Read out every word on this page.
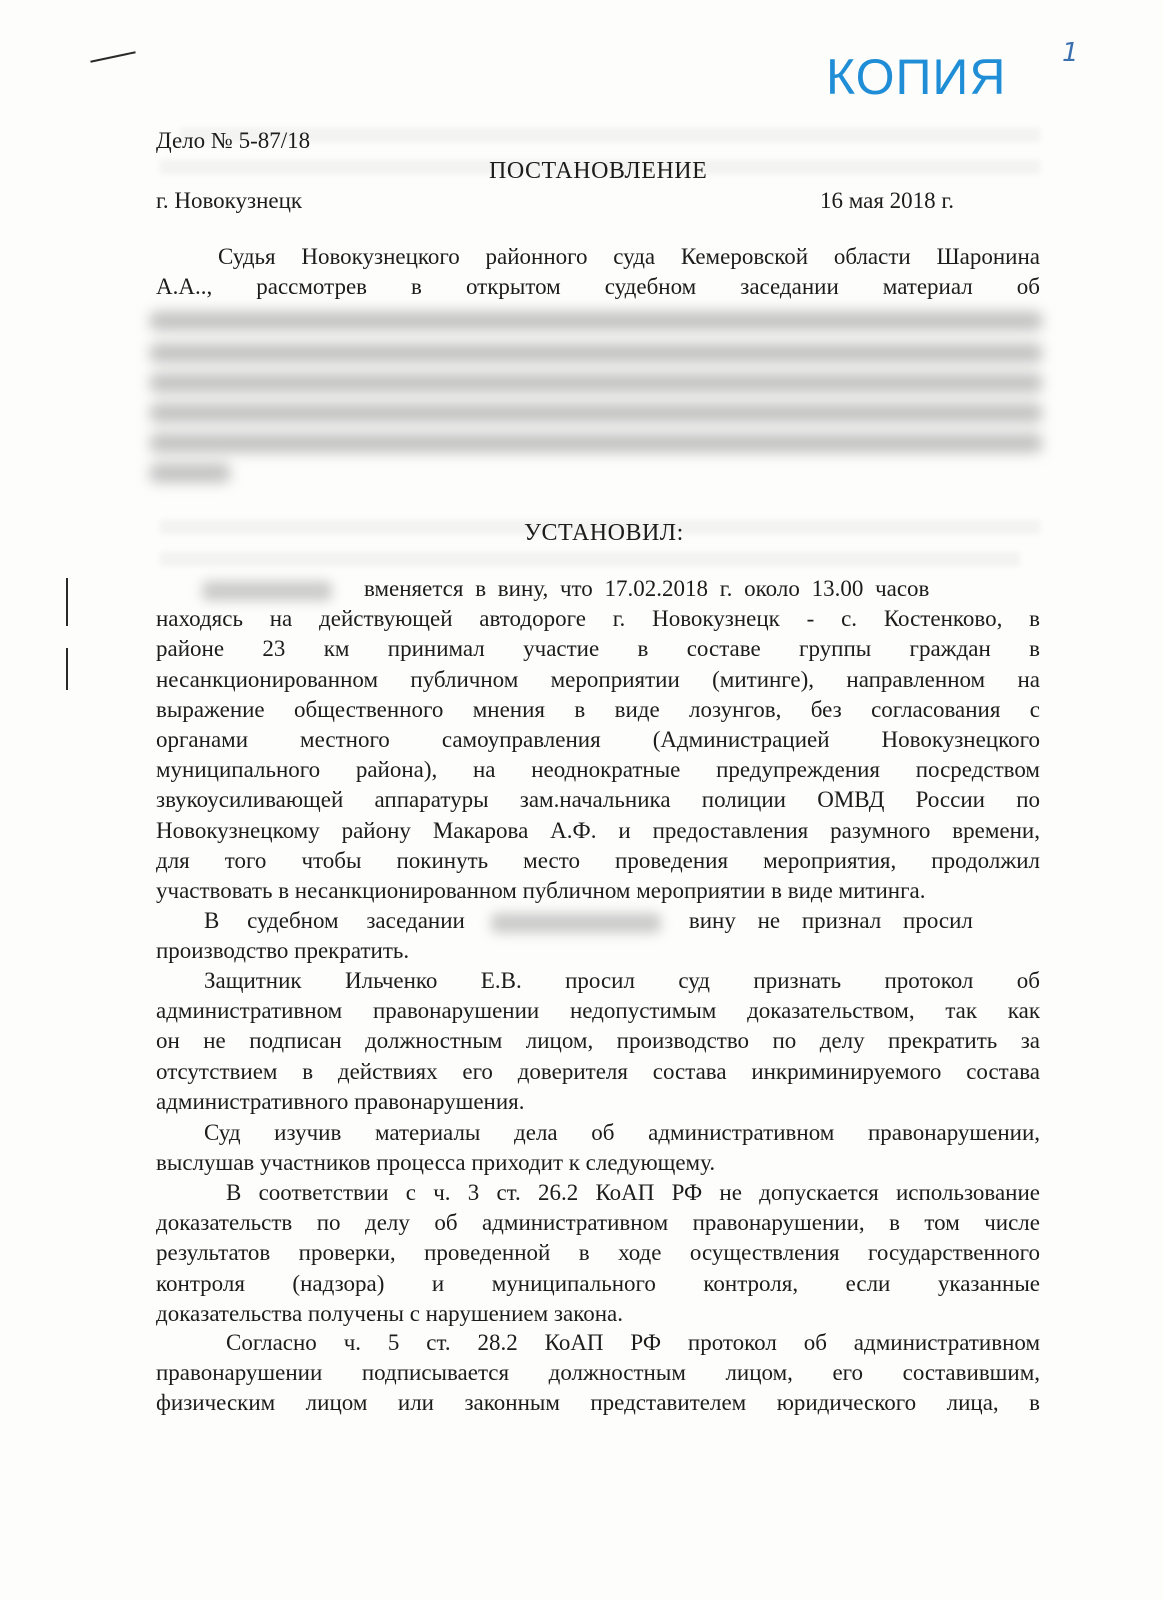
КОПИЯ 1
Дело № 5-87/18
ПОСТАНОВЛЕНИЕ
г. Новокузнецк	16 мая 2018 г.
Судья Новокузнецкого районного суда Кемеровской области Шаронина
А.А.., рассмотрев в открытом судебном заседании материал об
УСТАНОВИЛ:
вменяется в вину, что 17.02.2018 г. около 13.00 часов
находясь на действующей автодороге г. Новокузнецк - с. Костенково, в
районе 23 км принимал участие в составе группы граждан в
несанкционированном публичном мероприятии (митинге), направленном на
выражение общественного мнения в виде лозунгов, без согласования с
органами местного самоуправления (Администрацией Новокузнецкого
муниципального района), на неоднократные предупреждения посредством
звукоусиливающей аппаратуры зам.начальника полиции ОМВД России по
Новокузнецкому району Макарова А.Ф. и предоставления разумного времени,
для того чтобы покинуть место проведения мероприятия, продолжил
участвовать в несанкционированном публичном мероприятии в виде митинга.
В судебном заседании	вину не признал просил
производство прекратить.
Защитник Ильченко Е.В. просил суд признать протокол об
административном правонарушении недопустимым доказательством, так как
он не подписан должностным лицом, производство по делу прекратить за
отсутствием в действиях его доверителя состава инкриминируемого состава
административного правонарушения.
Суд изучив материалы дела об административном правонарушении,
выслушав участников процесса приходит к следующему.
В соответствии с ч. 3 ст. 26.2 КоАП РФ не допускается использование
доказательств по делу об административном правонарушении, в том числе
результатов проверки, проведенной в ходе осуществления государственного
контроля (надзора) и муниципального контроля, если указанные
доказательства получены с нарушением закона.
Согласно ч. 5 ст. 28.2 КоАП РФ протокол об административном
правонарушении подписывается должностным лицом, его составившим,
физическим лицом или законным представителем юридического лица, в
